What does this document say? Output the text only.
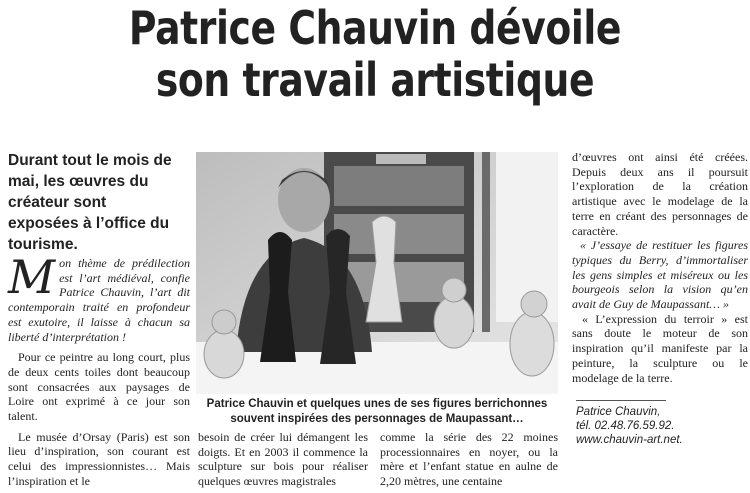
Patrice Chauvin dévoile
son travail artistique
Durant tout le mois de mai, les œuvres du créateur sont exposées à l’office du tourisme.

Mon thème de prédilection est l’art médiéval, confie Patrice Chauvin, l’art dit contemporain traité en profondeur est exutoire, il laisse à chacun sa liberté d’interprétation !

Pour ce peintre au long court, plus de deux cents toiles dont beaucoup sont consacrées aux paysages de Loire ont exprimé à ce jour son talent.

Le musée d’Orsay (Paris) est son lieu d’inspiration, son courant est celui des impressionnistes… Mais l’inspiration et le

Patrice Chauvin et quelques unes de ses figures berrichonnes souvent inspirées des personnages de Maupassant…

besoin de créer lui démangent les doigts. Et en 2003 il commence la sculpture sur bois pour réaliser quelques œuvres magistrales

comme la série des 22 moines processionnaires en noyer, ou la mère et l’enfant statue en aulne de 2,20 mètres, une centaine

d’œuvres ont ainsi été créées. Depuis deux ans il poursuit l’exploration de la création artistique avec le modelage de la terre en créant des personnages de caractère.

« J’essaye de restituer les figures typiques du Berry, d’immortaliser les gens simples et miséreux ou les bourgeois selon la vision qu’en avait de Guy de Maupassant… »

« L’expression du terroir » est sans doute le moteur de son inspiration qu’il manifeste par la peinture, la sculpture ou le modelage de la terre.

Patrice Chauvin,
tél. 02.48.76.59.92.
www.chauvin-art.net.
